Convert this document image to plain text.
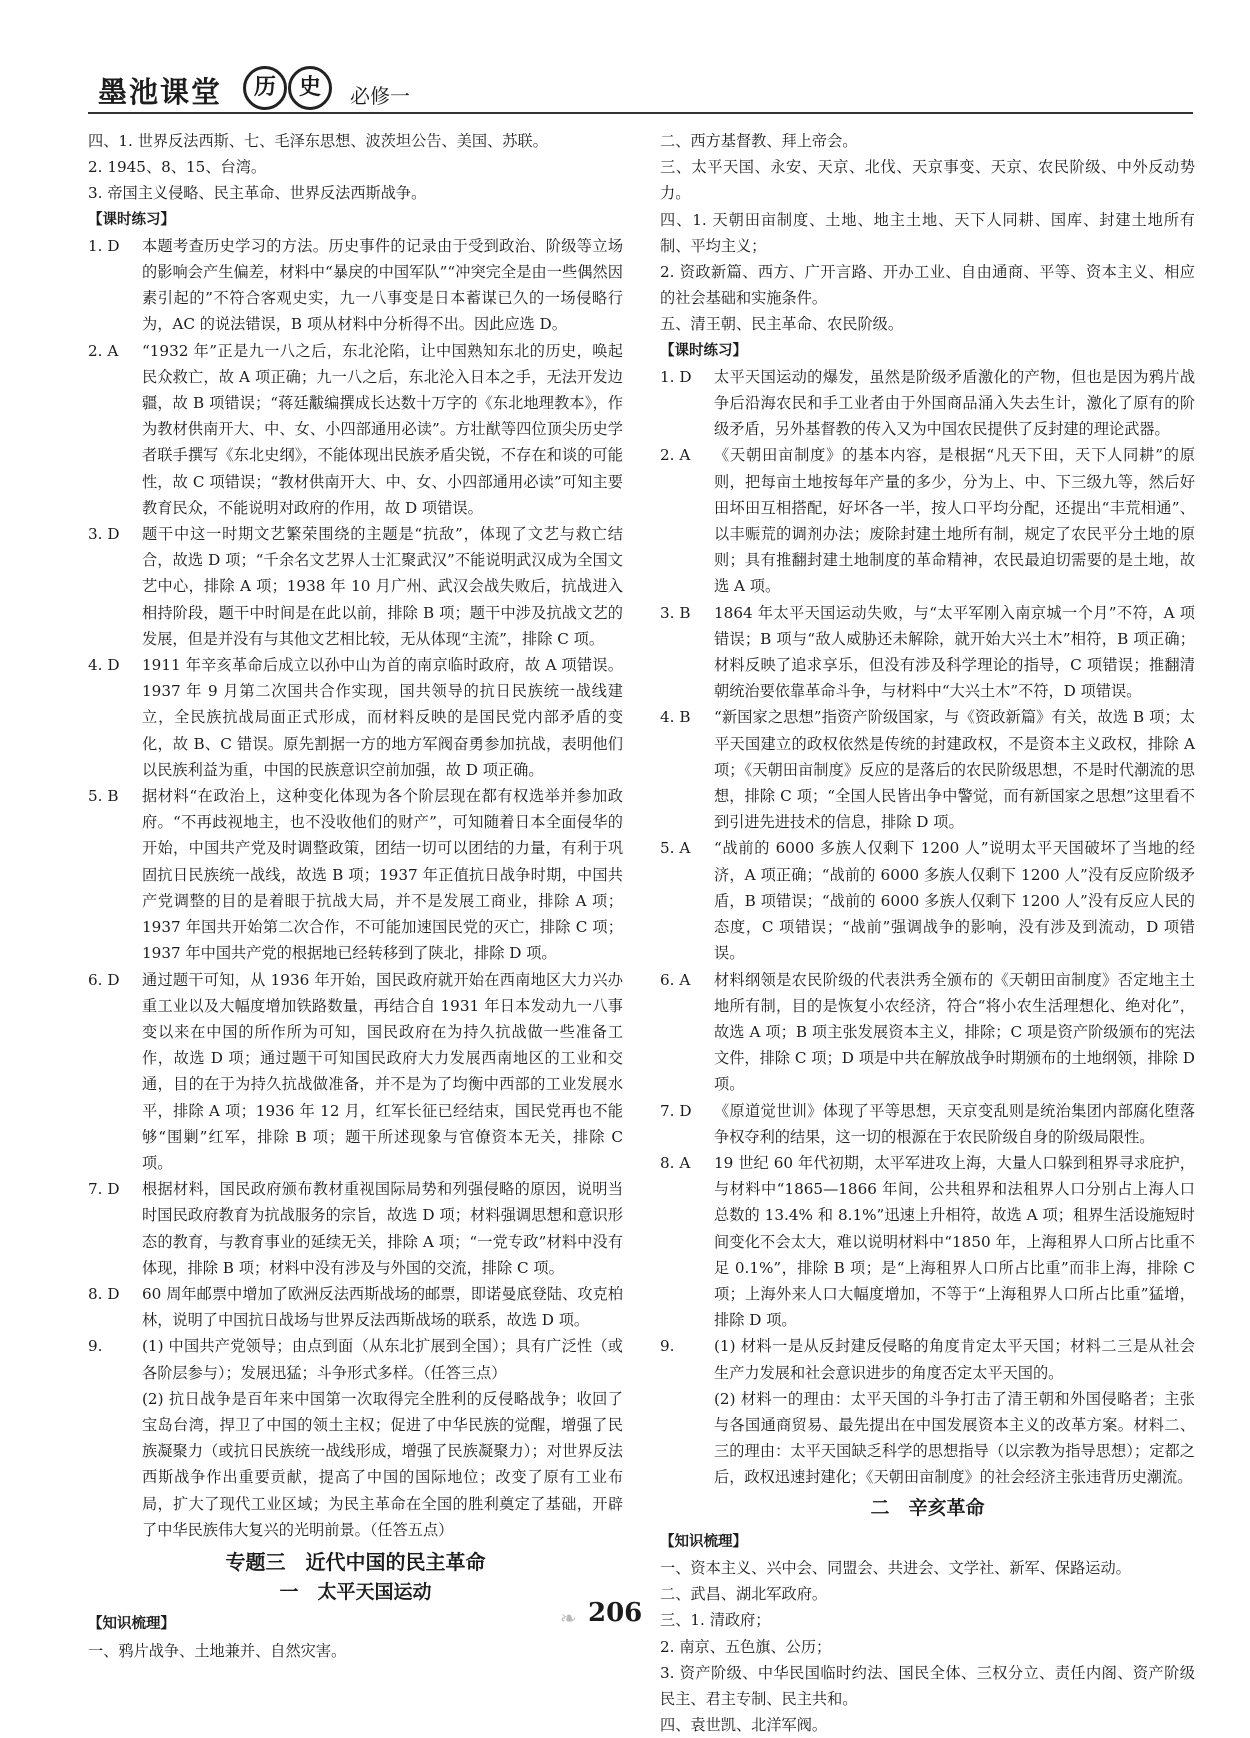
墨池课堂	历	史	必修一

四、1. 世界反法西斯、七、毛泽东思想、波茨坦公告、美国、苏联。

2. 1945、8、15、台湾。

3. 帝国主义侵略、民主革命、世界反法西斯战争。

【课时练习】

1. D	本题考查历史学习的方法。历史事件的记录由于受到政治、阶级等立场的影响会产生偏差，材料中“暴戾的中国军队”“冲突完全是由一些偶然因素引起的”不符合客观史实，九一八事变是日本蓄谋已久的一场侵略行为，AC 的说法错误，B 项从材料中分析得不出。因此应选 D。
2. A	“1932 年”正是九一八之后，东北沦陷，让中国熟知东北的历史，唤起民众救亡，故 A 项正确；九一八之后，东北沦入日本之手，无法开发边疆，故 B 项错误；“蒋廷黻编撰成长达数十万字的《东北地理教本》，作为教材供南开大、中、女、小四部通用必读”。方壮猷等四位顶尖历史学者联手撰写《东北史纲》，不能体现出民族矛盾尖锐，不存在和谈的可能性，故 C 项错误；“教材供南开大、中、女、小四部通用必读”可知主要教育民众，不能说明对政府的作用，故 D 项错误。
3. D	题干中这一时期文艺繁荣围绕的主题是“抗敌”，体现了文艺与救亡结合，故选 D 项；“千余名文艺界人士汇聚武汉”不能说明武汉成为全国文艺中心，排除 A 项；1938 年 10 月广州、武汉会战失败后，抗战进入相持阶段，题干中时间是在此以前，排除 B 项；题干中涉及抗战文艺的发展，但是并没有与其他文艺相比较，无从体现“主流”，排除 C 项。
4. D	1911 年辛亥革命后成立以孙中山为首的南京临时政府，故 A 项错误。1937 年 9 月第二次国共合作实现，国共领导的抗日民族统一战线建立，全民族抗战局面正式形成，而材料反映的是国民党内部矛盾的变化，故 B、C 错误。原先割据一方的地方军阀奋勇参加抗战，表明他们以民族利益为重，中国的民族意识空前加强，故 D 项正确。
5. B	据材料“在政治上，这种变化体现为各个阶层现在都有权选举并参加政府。“不再歧视地主，也不没收他们的财产”，可知随着日本全面侵华的开始，中国共产党及时调整政策，团结一切可以团结的力量，有利于巩固抗日民族统一战线，故选 B 项；1937 年正值抗日战争时期，中国共产党调整的目的是着眼于抗战大局，并不是发展工商业，排除 A 项；1937 年国共开始第二次合作，不可能加速国民党的灭亡，排除 C 项；1937 年中国共产党的根据地已经转移到了陕北，排除 D 项。
6. D	通过题干可知，从 1936 年开始，国民政府就开始在西南地区大力兴办重工业以及大幅度增加铁路数量，再结合自 1931 年日本发动九一八事变以来在中国的所作所为可知，国民政府在为持久抗战做一些准备工作，故选 D 项；通过题干可知国民政府大力发展西南地区的工业和交通，目的在于为持久抗战做准备，并不是为了均衡中西部的工业发展水平，排除 A 项；1936 年 12 月，红军长征已经结束，国民党再也不能够“围剿”红军，排除 B 项；题干所述现象与官僚资本无关，排除 C 项。
7. D	根据材料，国民政府颁布教材重视国际局势和列强侵略的原因，说明当时国民政府教育为抗战服务的宗旨，故选 D 项；材料强调思想和意识形态的教育，与教育事业的延续无关，排除 A 项；“一党专政”材料中没有体现，排除 B 项；材料中没有涉及与外国的交流，排除 C 项。
8. D	60 周年邮票中增加了欧洲反法西斯战场的邮票，即诺曼底登陆、攻克柏林，说明了中国抗日战场与世界反法西斯战场的联系，故选 D 项。
9.	(1) 中国共产党领导；由点到面（从东北扩展到全国）；具有广泛性（或各阶层参与）；发展迅猛；斗争形式多样。（任答三点）
(2) 抗日战争是百年来中国第一次取得完全胜利的反侵略战争；收回了宝岛台湾，捍卫了中国的领土主权；促进了中华民族的觉醒，增强了民族凝聚力（或抗日民族统一战线形成，增强了民族凝聚力）；对世界反法西斯战争作出重要贡献，提高了中国的国际地位；改变了原有工业布局，扩大了现代工业区域；为民主革命在全国的胜利奠定了基础，开辟了中华民族伟大复兴的光明前景。（任答五点）
专题三　近代中国的民主革命
一　太平天国运动

【知识梳理】

一、鸦片战争、土地兼并、自然灾害。

二、西方基督教、拜上帝会。

三、太平天国、永安、天京、北伐、天京事变、天京、农民阶级、中外反动势力。

四、1. 天朝田亩制度、土地、地主土地、天下人同耕、国库、封建土地所有制、平均主义；

2. 资政新篇、西方、广开言路、开办工业、自由通商、平等、资本主义、相应的社会基础和实施条件。

五、清王朝、民主革命、农民阶级。

【课时练习】

1. D	太平天国运动的爆发，虽然是阶级矛盾激化的产物，但也是因为鸦片战争后沿海农民和手工业者由于外国商品涌入失去生计，激化了原有的阶级矛盾，另外基督教的传入又为中国农民提供了反封建的理论武器。
2. A	《天朝田亩制度》的基本内容，是根据“凡天下田，天下人同耕”的原则，把每亩土地按每年产量的多少，分为上、中、下三级九等，然后好田坏田互相搭配，好坏各一半，按人口平均分配，还提出“丰荒相通”、以丰赈荒的调剂办法；废除封建土地所有制，规定了农民平分土地的原则；具有推翻封建土地制度的革命精神，农民最迫切需要的是土地，故选 A 项。
3. B	1864 年太平天国运动失败，与“太平军刚入南京城一个月”不符，A 项错误；B 项与“敌人威胁还未解除，就开始大兴土木”相符，B 项正确；材料反映了追求享乐，但没有涉及科学理论的指导，C 项错误；推翻清朝统治要依靠革命斗争，与材料中“大兴土木”不符，D 项错误。
4. B	“新国家之思想”指资产阶级国家，与《资政新篇》有关，故选 B 项；太平天国建立的政权依然是传统的封建政权，不是资本主义政权，排除 A 项；《天朝田亩制度》反应的是落后的农民阶级思想，不是时代潮流的思想，排除 C 项；“全国人民皆出争中警觉，而有新国家之思想”这里看不到引进先进技术的信息，排除 D 项。
5. A	“战前的 6000 多族人仅剩下 1200 人”说明太平天国破坏了当地的经济，A 项正确；“战前的 6000 多族人仅剩下 1200 人”没有反应阶级矛盾，B 项错误；“战前的 6000 多族人仅剩下 1200 人”没有反应人民的态度，C 项错误；“战前”强调战争的影响，没有涉及到流动，D 项错误。
6. A	材料纲领是农民阶级的代表洪秀全颁布的《天朝田亩制度》否定地主土地所有制，目的是恢复小农经济，符合“将小农生活理想化、绝对化”，故选 A 项；B 项主张发展资本主义，排除；C 项是资产阶级颁布的宪法文件，排除 C 项；D 项是中共在解放战争时期颁布的土地纲领，排除 D 项。
7. D	《原道觉世训》体现了平等思想，天京变乱则是统治集团内部腐化堕落争权夺利的结果，这一切的根源在于农民阶级自身的阶级局限性。
8. A	19 世纪 60 年代初期，太平军进攻上海，大量人口躲到租界寻求庇护，与材料中“1865—1866 年间，公共租界和法租界人口分别占上海人口总数的 13.4% 和 8.1%”迅速上升相符，故选 A 项；租界生活设施短时间变化不会太大，难以说明材料中“1850 年，上海租界人口所占比重不足 0.1%”，排除 B 项；是“上海租界人口所占比重”而非上海，排除 C 项；上海外来人口大幅度增加，不等于“上海租界人口所占比重”猛增，排除 D 项。
9.	(1) 材料一是从反封建反侵略的角度肯定太平天国；材料二三是从社会生产力发展和社会意识进步的角度否定太平天国的。
(2) 材料一的理由：太平天国的斗争打击了清王朝和外国侵略者；主张与各国通商贸易、最先提出在中国发展资本主义的改革方案。材料二、三的理由：太平天国缺乏科学的思想指导（以宗教为指导思想）；定都之后，政权迅速封建化；《天朝田亩制度》的社会经济主张违背历史潮流。
二　辛亥革命

【知识梳理】

一、资本主义、兴中会、同盟会、共进会、文学社、新军、保路运动。

二、武昌、湖北军政府。

三、1. 清政府；

2. 南京、五色旗、公历；

3. 资产阶级、中华民国临时约法、国民全体、三权分立、责任内阁、资产阶级民主、君主专制、民主共和。

四、袁世凯、北洋军阀。

❧ 206
